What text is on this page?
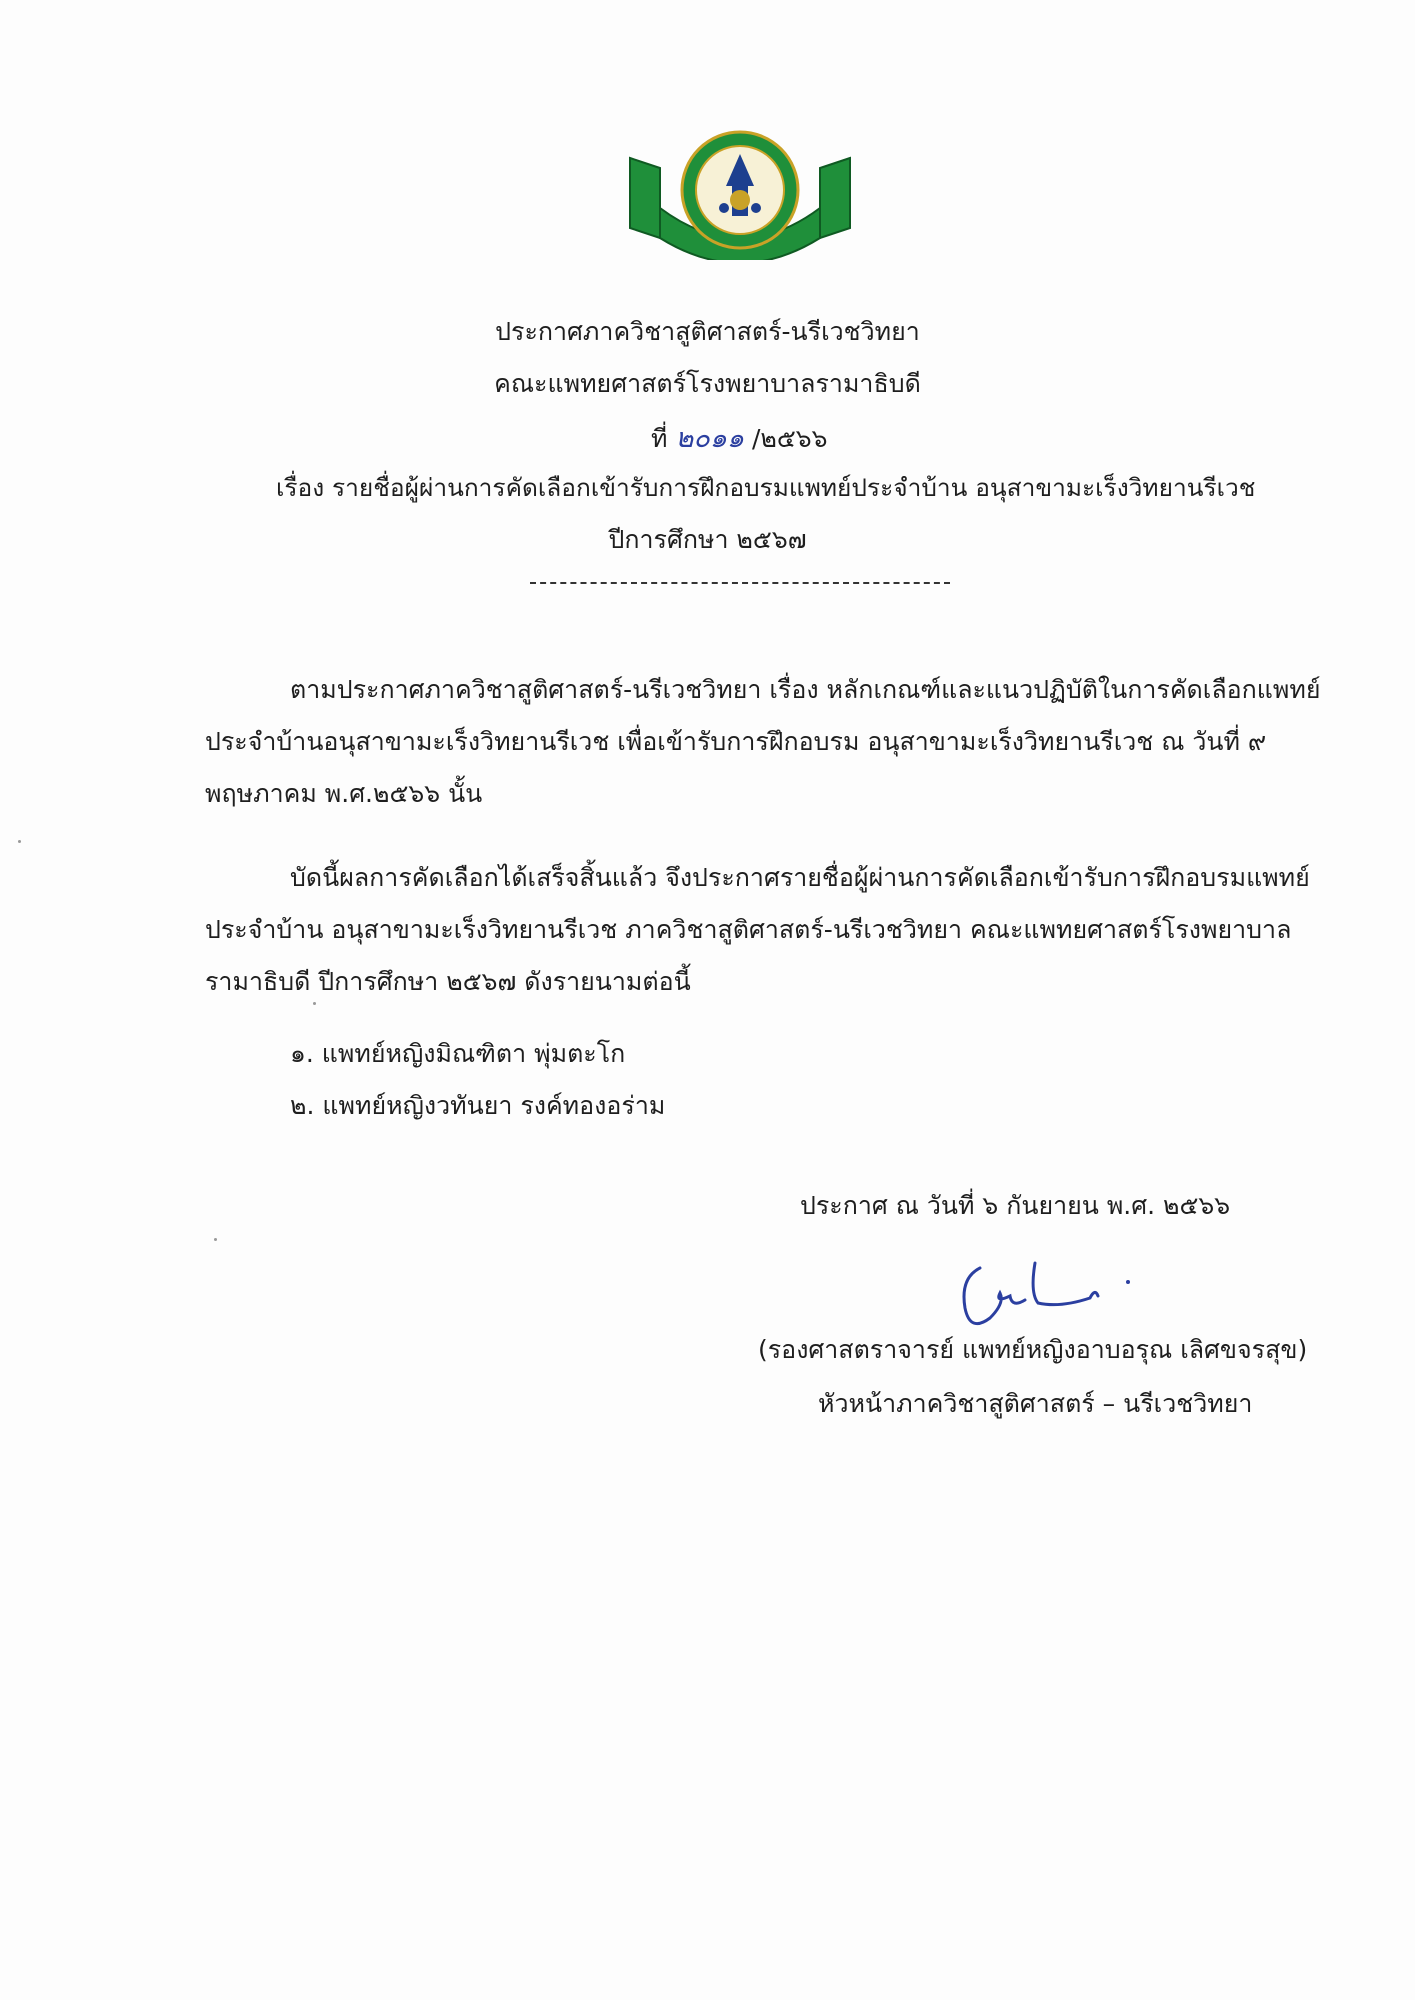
ประกาศภาควิชาสูติศาสตร์-นรีเวชวิทยา
คณะแพทยศาสตร์โรงพยาบาลรามาธิบดี
ที่ ๒๐๑๑ /๒๕๖๖
เรื่อง รายชื่อผู้ผ่านการคัดเลือกเข้ารับการฝึกอบรมแพทย์ประจำบ้าน อนุสาขามะเร็งวิทยานรีเวช
ปีการศึกษา ๒๕๖๗
ตามประกาศภาควิชาสูติศาสตร์-นรีเวชวิทยา เรื่อง หลักเกณฑ์และแนวปฏิบัติในการคัดเลือกแพทย์
ประจำบ้านอนุสาขามะเร็งวิทยานรีเวช เพื่อเข้ารับการฝึกอบรม อนุสาขามะเร็งวิทยานรีเวช ณ วันที่ ๙
พฤษภาคม พ.ศ.๒๕๖๖ นั้น
บัดนี้ผลการคัดเลือกได้เสร็จสิ้นแล้ว จึงประกาศรายชื่อผู้ผ่านการคัดเลือกเข้ารับการฝึกอบรมแพทย์
ประจำบ้าน อนุสาขามะเร็งวิทยานรีเวช ภาควิชาสูติศาสตร์-นรีเวชวิทยา คณะแพทยศาสตร์โรงพยาบาล
รามาธิบดี ปีการศึกษา ๒๕๖๗ ดังรายนามต่อนี้
๑. แพทย์หญิงมิณฑิตา พุ่มตะโก
๒. แพทย์หญิงวทันยา รงค์ทองอร่าม
ประกาศ ณ วันที่ ๖ กันยายน พ.ศ. ๒๕๖๖
(รองศาสตราจารย์ แพทย์หญิงอาบอรุณ เลิศขจรสุข)
หัวหน้าภาควิชาสูติศาสตร์ – นรีเวชวิทยา
